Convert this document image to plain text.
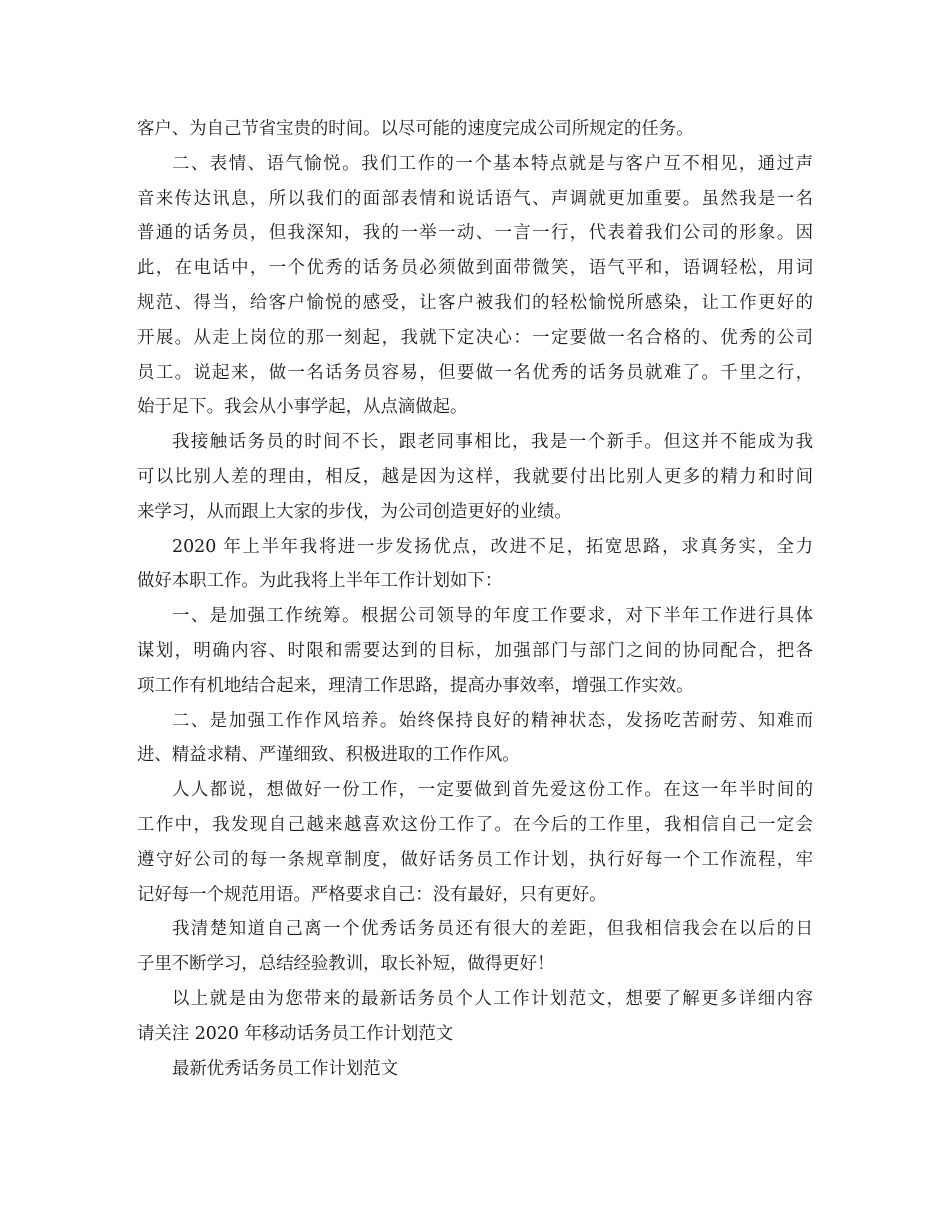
客户、为自己节省宝贵的时间。以尽可能的速度完成公司所规定的任务。
二、表情、语气愉悦。我们工作的一个基本特点就是与客户互不相见，通过声
音来传达讯息，所以我们的面部表情和说话语气、声调就更加重要。虽然我是一名
普通的话务员，但我深知，我的一举一动、一言一行，代表着我们公司的形象。因
此，在电话中，一个优秀的话务员必须做到面带微笑，语气平和，语调轻松，用词
规范、得当，给客户愉悦的感受，让客户被我们的轻松愉悦所感染，让工作更好的
开展。从走上岗位的那一刻起，我就下定决心：一定要做一名合格的、优秀的公司
员工。说起来，做一名话务员容易，但要做一名优秀的话务员就难了。千里之行，
始于足下。我会从小事学起，从点滴做起。
我接触话务员的时间不长，跟老同事相比，我是一个新手。但这并不能成为我
可以比别人差的理由，相反，越是因为这样，我就要付出比别人更多的精力和时间
来学习，从而跟上大家的步伐，为公司创造更好的业绩。
2020 年上半年我将进一步发扬优点，改进不足，拓宽思路，求真务实，全力
做好本职工作。为此我将上半年工作计划如下：
一、是加强工作统筹。根据公司领导的年度工作要求，对下半年工作进行具体
谋划，明确内容、时限和需要达到的目标，加强部门与部门之间的协同配合，把各
项工作有机地结合起来，理清工作思路，提高办事效率，增强工作实效。
二、是加强工作作风培养。始终保持良好的精神状态，发扬吃苦耐劳、知难而
进、精益求精、严谨细致、积极进取的工作作风。
人人都说，想做好一份工作，一定要做到首先爱这份工作。在这一年半时间的
工作中，我发现自己越来越喜欢这份工作了。在今后的工作里，我相信自己一定会
遵守好公司的每一条规章制度，做好话务员工作计划，执行好每一个工作流程，牢
记好每一个规范用语。严格要求自己：没有最好，只有更好。
我清楚知道自己离一个优秀话务员还有很大的差距，但我相信我会在以后的日
子里不断学习，总结经验教训，取长补短，做得更好！
以上就是由为您带来的最新话务员个人工作计划范文，想要了解更多详细内容
请关注 2020 年移动话务员工作计划范文
最新优秀话务员工作计划范文
